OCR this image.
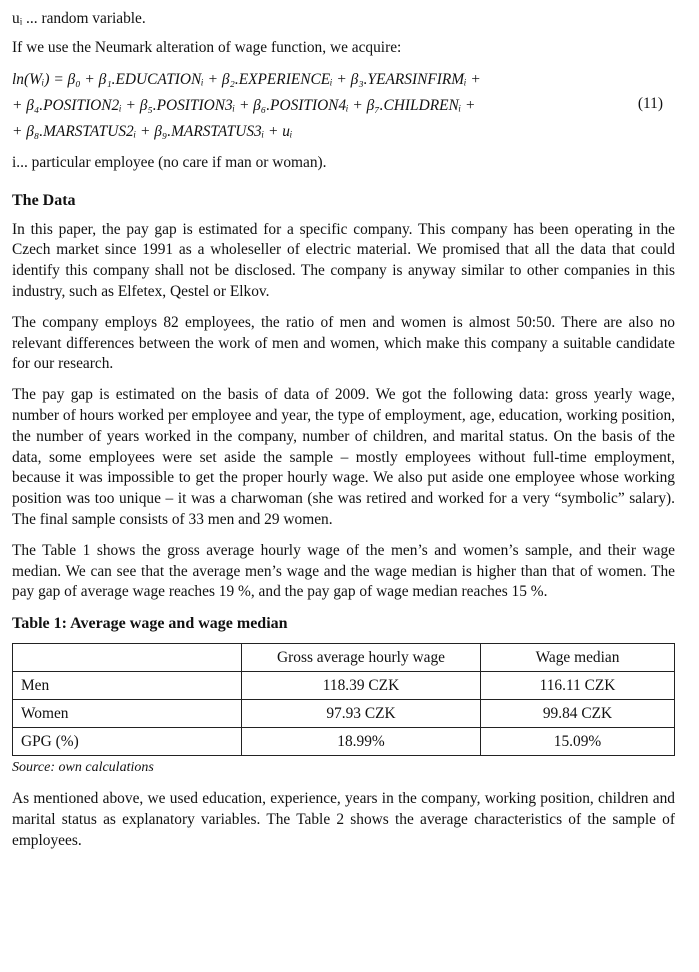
uᵢ ... random variable.

If we use the Neumark alteration of wage function, we acquire:

ln(Wᵢ) = β₀ + β₁.EDUCATIONᵢ + β₂.EXPERIENCEᵢ + β₃.YEARSINFIRMᵢ +
+ β₄.POSITION2ᵢ + β₅.POSITION3ᵢ + β₆.POSITION4ᵢ + β₇.CHILDRENᵢ +
+ β₈.MARSTATUS2ᵢ + β₉.MARSTATUS3ᵢ + uᵢ
(11)

i... particular employee (no care if man or woman).

The Data

In this paper, the pay gap is estimated for a specific company. This company has been operating in the Czech market since 1991 as a wholeseller of electric material. We promised that all the data that could identify this company shall not be disclosed. The company is anyway similar to other companies in this industry, such as Elfetex, Qestel or Elkov.

The company employs 82 employees, the ratio of men and women is almost 50:50. There are also no relevant differences between the work of men and women, which make this company a suitable candidate for our research.

The pay gap is estimated on the basis of data of 2009. We got the following data: gross yearly wage, number of hours worked per employee and year, the type of employment, age, education, working position, the number of years worked in the company, number of children, and marital status. On the basis of the data, some employees were set aside the sample – mostly employees without full-time employment, because it was impossible to get the proper hourly wage. We also put aside one employee whose working position was too unique – it was a charwoman (she was retired and worked for a very “symbolic” salary). The final sample consists of 33 men and 29 women.

The Table 1 shows the gross average hourly wage of the men’s and women’s sample, and their wage median. We can see that the average men’s wage and the wage median is higher than that of women. The pay gap of average wage reaches 19 %, and the pay gap of wage median reaches 15 %.

Table 1: Average wage and wage median
	Gross average hourly wage	Wage median
Men	118.39 CZK	116.11 CZK
Women	97.93 CZK	99.84 CZK
GPG (%)	18.99%	15.09%
Source: own calculations

As mentioned above, we used education, experience, years in the company, working position, children and marital status as explanatory variables. The Table 2 shows the average characteristics of the sample of employees.
